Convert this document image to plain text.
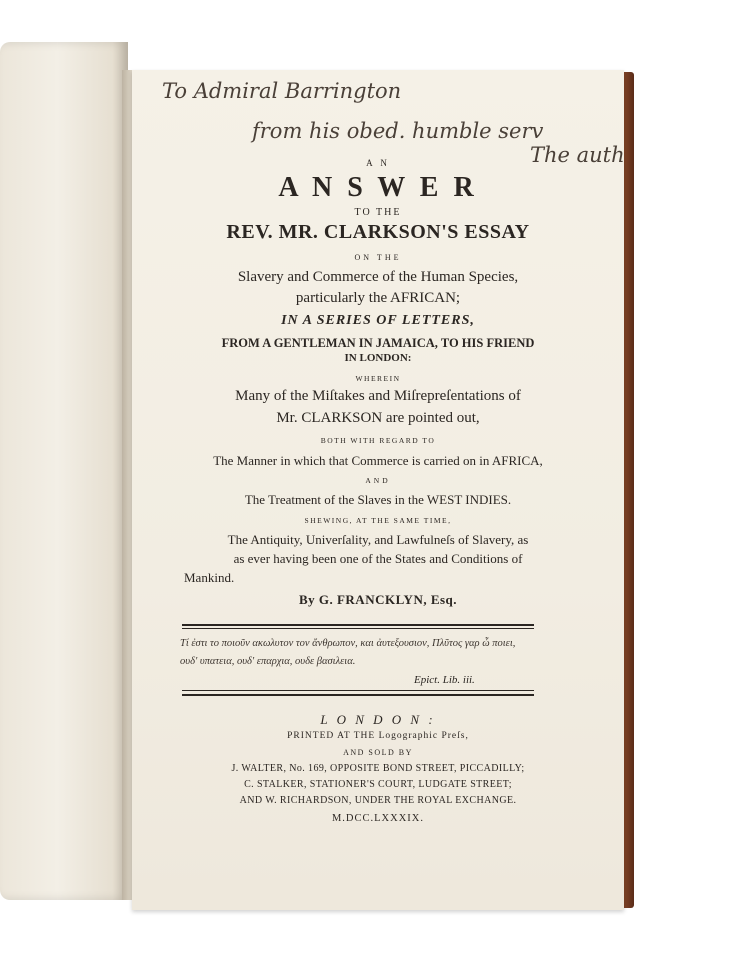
To Admiral Barrington
from his obed. humble serv
The auth
A N
A N S W E R
TO THE
REV. MR. CLARKSON'S ESSAY
ON THE
Slavery and Commerce of the Human Species,
particularly the AFRICAN;
IN A SERIES OF LETTERS,
FROM A GENTLEMAN IN JAMAICA, TO HIS FRIEND
IN LONDON:
WHEREIN
Many of the Miſtakes and Miſrepreſentations of
Mr. CLARKSON are pointed out,
BOTH WITH REGARD TO
The Manner in which that Commerce is carried on in AFRICA,
AND
The Treatment of the Slaves in the WEST INDIES.
SHEWING, AT THE SAME TIME,
The Antiquity, Univerſality, and Lawfulneſs of Slavery, as
as ever having been one of the States and Conditions of
Mankind.
By G. FRANCKLYN, Esq.
Τί ἐστι το ποιοῦν ακωλυτον τον ἄνθρωπον, και ἀυτεξουσιον, Πλῦτος γαρ ὦ ποιει,
ουδ' υπατεια, ουδ' επαρχια, ουδε βασιλεια.
Epict. Lib. iii.
L O N D O N :
PRINTED AT THE Logographic Preſs,
AND SOLD BY
J. WALTER, No. 169, OPPOSITE BOND STREET, PICCADILLY;
C. STALKER, STATIONER'S COURT, LUDGATE STREET;
AND W. RICHARDSON, UNDER THE ROYAL EXCHANGE.
M.DCC.LXXXIX.
